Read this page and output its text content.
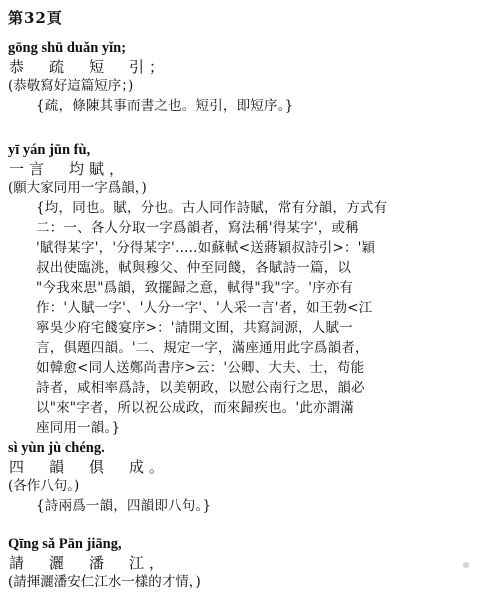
第32頁
gōng shū duǎn yǐn;
恭　疏　短　引；
(恭敬寫好這篇短序；)
{疏，條陳其事而書之也。短引，即短序。}
yī yán jūn fù,
一言　均賦，
(願大家同用一字爲韻，)
{均，同也。賦，分也。古人同作詩賦，常有分韻，方式有
二：一、各人分取一字爲韻者，寫法稱'得某字'，或稱
'賦得某字'，'分得某字'…..如蘇軾<送蔣穎叔詩引>：'穎
叔出使臨洮，軾與穆父、仲至同餞，各賦詩一篇，以
"今我來思"爲韻，致擺歸之意，軾得"我"字。'序亦有
作：'人賦一字'、'人分一字'、'人采一言'者，如王勃<江
寧吳少府宅餞宴序>：'請開文囿，共寫詞源，人賦一
言，俱題四韻。'二、規定一字，滿座通用此字爲韻者，
如韓愈<同人送鄭尚書序>云：'公卿、大夫、士，苟能
詩者，咸相率爲詩，以美朝政，以慰公南行之思，韻必
以"來"字者，所以祝公成政，而來歸疾也。'此亦謂滿
座同用一韻。}
sì yùn jù chéng.
四　韻　俱　成。
(各作八句。)
{詩兩爲一韻，四韻即八句。}
Qīng sǎ Pān jiāng,
請　灑　潘　江，
(請揮灑潘安仁江水一樣的才情，)
